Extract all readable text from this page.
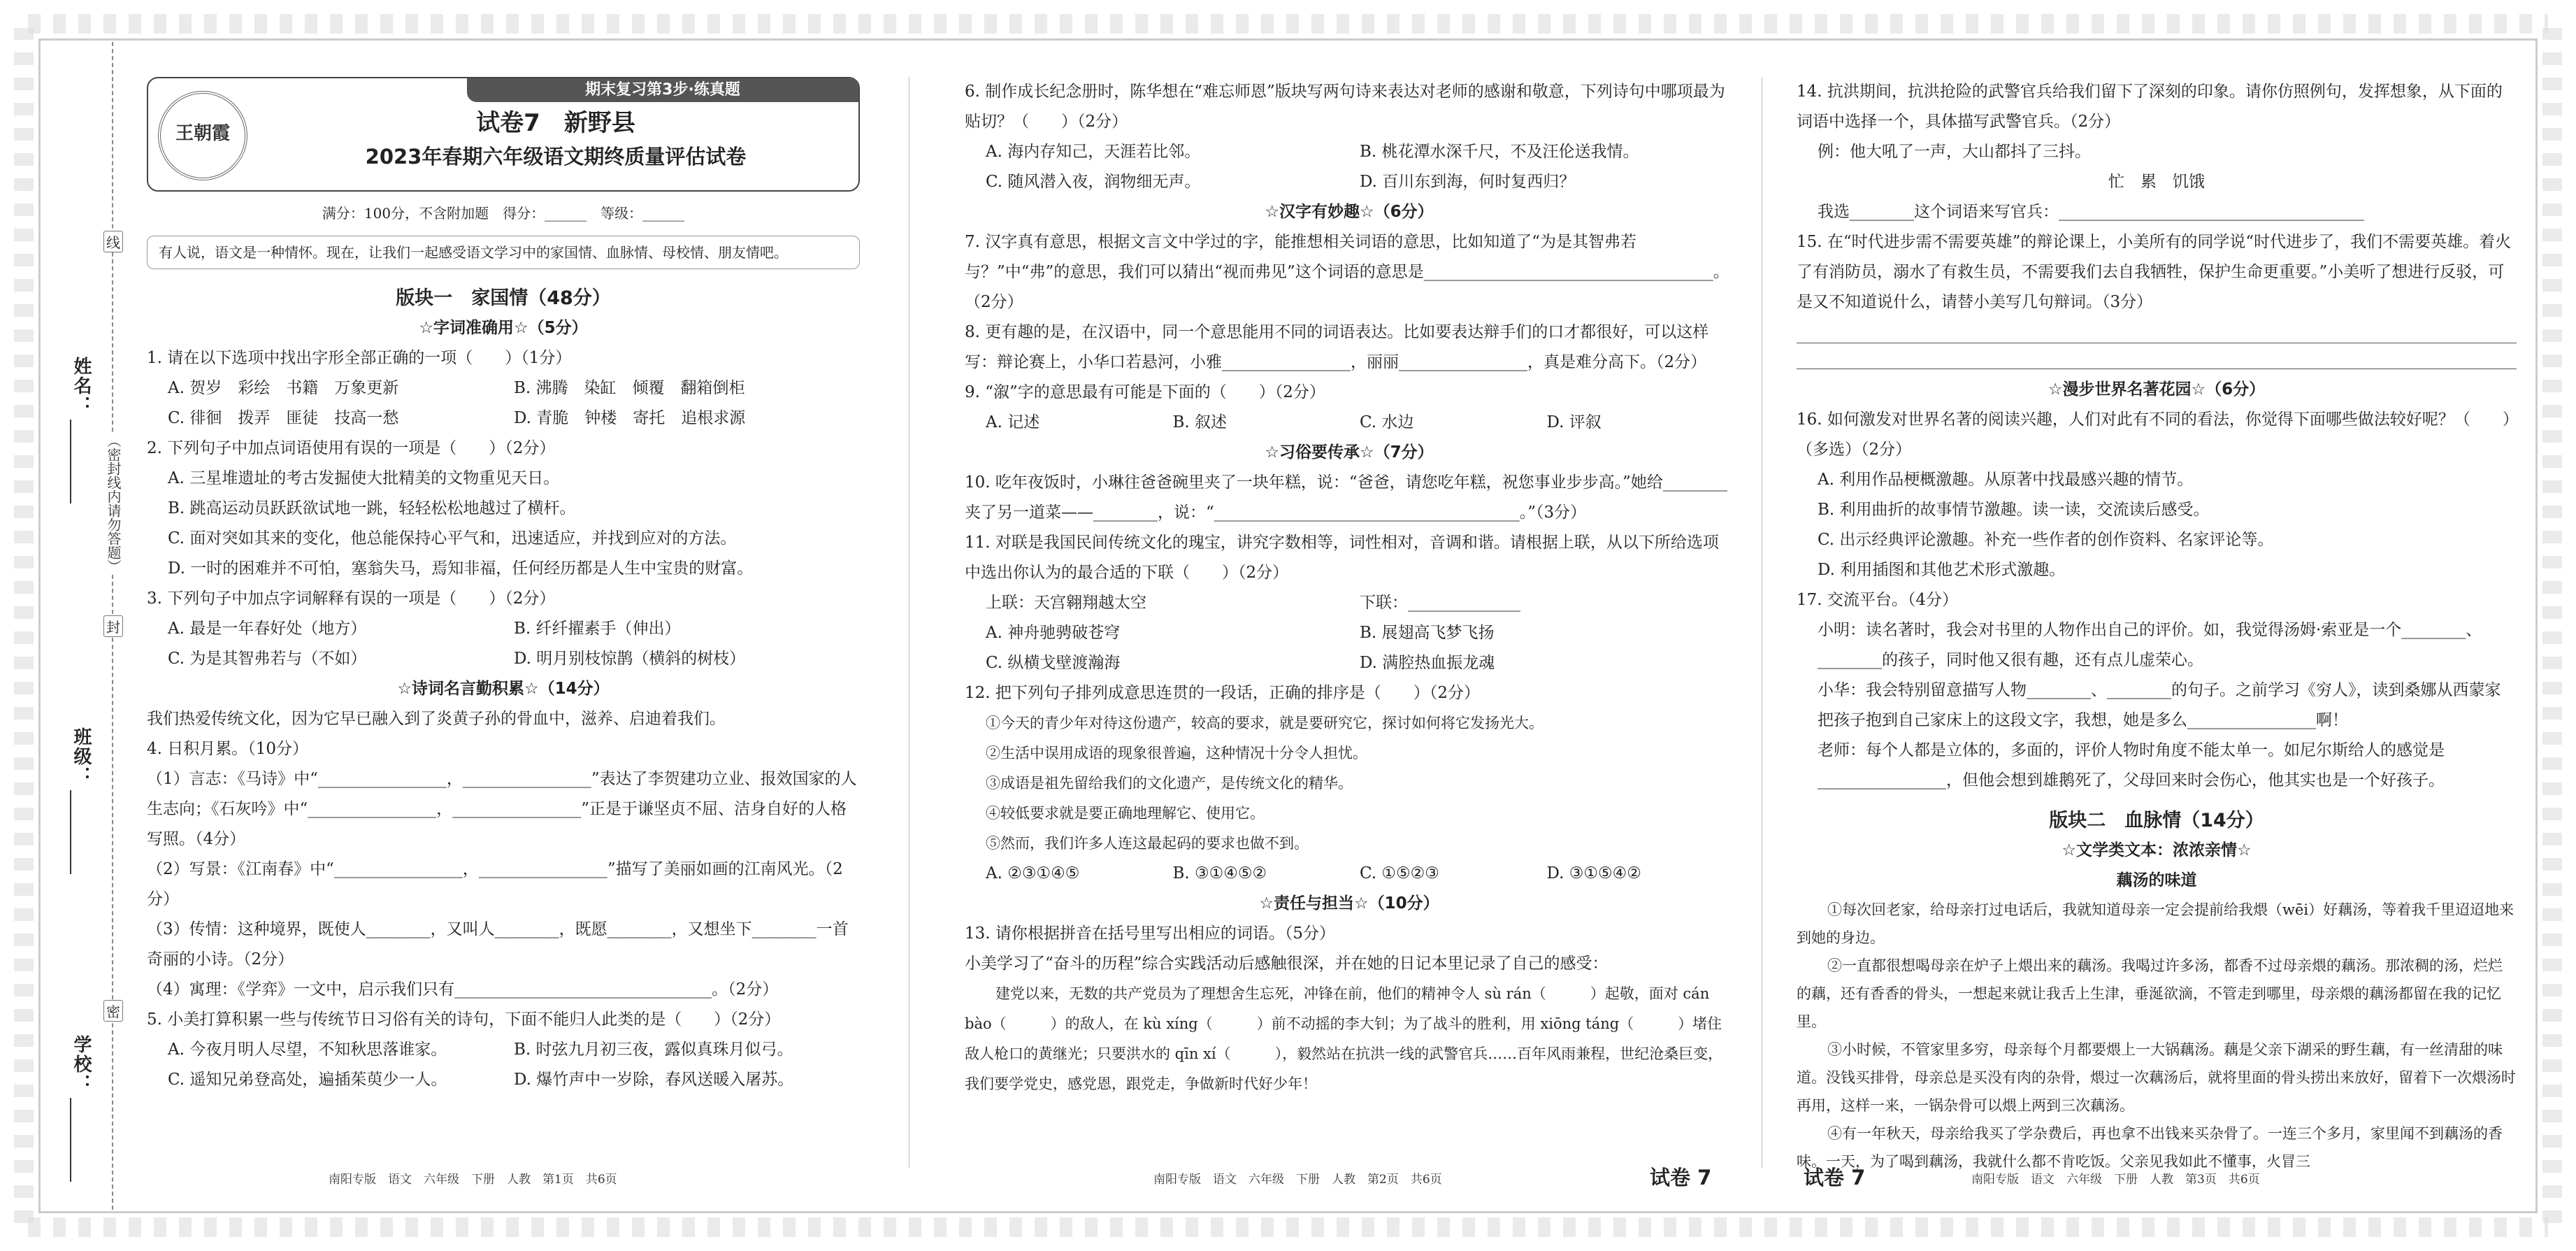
姓名：
班级：
学校：
（密封线内请勿答题）
线
封
密
期末复习第3步·练真题
王朝霞	试卷7　新野县
2023年春期六年级语文期终质量评估试卷
满分：100分，不含附加题　得分：______　等级：______
有人说，语文是一种情怀。现在，让我们一起感受语文学习中的家国情、血脉情、母校情、朋友情吧。
版块一　家国情（48分）
☆字词准确用☆（5分）
1. 请在以下选项中找出字形全部正确的一项（　　）（1分）
A. 贺岁　彩绘　书籍　万象更新	B. 沸腾　染缸　倾覆　翻箱倒柜
C. 徘徊　拨弄　匪徒　技高一愁	D. 青脆　钟楼　寄托　追根求源
2. 下列句子中加点词语使用有误的一项是（　　）（2分）
A. 三星堆遗址的考古发掘使大批精美的文物重见天日。
B. 跳高运动员跃跃欲试地一跳，轻轻松松地越过了横杆。
C. 面对突如其来的变化，他总能保持心平气和，迅速适应，并找到应对的方法。
D. 一时的困难并不可怕，塞翁失马，焉知非福，任何经历都是人生中宝贵的财富。
3. 下列句子中加点字词解释有误的一项是（　　）（2分）
A. 最是一年春好处（地方）	B. 纤纤擢素手（伸出）
C. 为是其智弗若与（不如）	D. 明月别枝惊鹊（横斜的树枝）
☆诗词名言勤积累☆（14分）
我们热爱传统文化，因为它早已融入到了炎黄子孙的骨血中，滋养、启迪着我们。
4. 日积月累。（10分）
（1）言志：《马诗》中“________________，________________”表达了李贺建功立业、报效国家的人生志向；《石灰吟》中“________________，________________”正是于谦坚贞不屈、洁身自好的人格写照。（4分）
（2）写景：《江南春》中“________________，________________”描写了美丽如画的江南风光。（2分）
（3）传情：这种境界，既使人________，又叫人________，既愿________，又想坐下________一首奇丽的小诗。（2分）
（4）寓理：《学弈》一文中，启示我们只有________________________________。（2分）
5. 小美打算积累一些与传统节日习俗有关的诗句，下面不能归人此类的是（　　）（2分）
A. 今夜月明人尽望，不知秋思落谁家。	B. 时弦九月初三夜，露似真珠月似弓。
C. 遥知兄弟登高处，遍插茱萸少一人。	D. 爆竹声中一岁除，春风送暖入屠苏。
6. 制作成长纪念册时，陈华想在“难忘师恩”版块写两句诗来表达对老师的感谢和敬意，下列诗句中哪项最为贴切？（　　）（2分）
A. 海内存知己，天涯若比邻。	B. 桃花潭水深千尺，不及汪伦送我情。
C. 随风潜入夜，润物细无声。	D. 百川东到海，何时复西归？
☆汉字有妙趣☆（6分）
7. 汉字真有意思，根据文言文中学过的字，能推想相关词语的意思，比如知道了“为是其智弗若与？”中“弗”的意思，我们可以猜出“视而弗见”这个词语的意思是____________________________________。（2分）
8. 更有趣的是，在汉语中，同一个意思能用不同的词语表达。比如要表达辩手们的口才都很好，可以这样写：辩论赛上，小华口若悬河，小雅________________，丽丽________________，真是难分高下。（2分）
9. “溆”字的意思最有可能是下面的（　　）（2分）
A. 记述	B. 叙述	C. 水边	D. 评叙
☆习俗要传承☆（7分）
10. 吃年夜饭时，小琳往爸爸碗里夹了一块年糕，说：“爸爸，请您吃年糕，祝您事业步步高。”她给________夹了另一道菜——________，说：“______________________________________。”（3分）
11. 对联是我国民间传统文化的瑰宝，讲究字数相等，词性相对，音调和谐。请根据上联，从以下所给选项中选出你认为的最合适的下联（　　）（2分）
上联：天宫翱翔越太空	下联：______________
A. 神舟驰骋破苍穹	B. 展翅高飞梦飞扬
C. 纵横戈壁渡瀚海	D. 满腔热血振龙魂
12. 把下列句子排列成意思连贯的一段话，正确的排序是（　　）（2分）
①今天的青少年对待这份遗产，较高的要求，就是要研究它，探讨如何将它发扬光大。
②生活中误用成语的现象很普遍，这种情况十分令人担忧。
③成语是祖先留给我们的文化遗产，是传统文化的精华。
④较低要求就是要正确地理解它、使用它。
⑤然而，我们许多人连这最起码的要求也做不到。
A. ②③①④⑤	B. ③①④⑤②	C. ①⑤②③	D. ③①⑤④②
☆责任与担当☆（10分）
13. 请你根据拼音在括号里写出相应的词语。（5分）
小美学习了“奋斗的历程”综合实践活动后感触很深，并在她的日记本里记录了自己的感受：
建党以来，无数的共产党员为了理想舍生忘死，冲锋在前，他们的精神令人 sù rán（　　　）起敬，面对 cán bào（　　　）的敌人，在 kù xíng（　　　）前不动摇的李大钊；为了战斗的胜利，用 xiōng táng（　　　）堵住敌人枪口的黄继光；只要洪水的 qīn xí（　　　），毅然站在抗洪一线的武警官兵……百年风雨兼程，世纪沧桑巨变，我们要学党史，感党恩，跟党走，争做新时代好少年！
14. 抗洪期间，抗洪抢险的武警官兵给我们留下了深刻的印象。请你仿照例句，发挥想象，从下面的词语中选择一个，具体描写武警官兵。（2分）
例：他大吼了一声，大山都抖了三抖。
忙　累　饥饿
我选________这个词语来写官兵：______________________________________
15. 在“时代进步需不需要英雄”的辩论课上，小美所有的同学说“时代进步了，我们不需要英雄。着火了有消防员，溺水了有救生员，不需要我们去自我牺牲，保护生命更重要。”小美听了想进行反驳，可是又不知道说什么，请替小美写几句辩词。（3分）
☆漫步世界名著花园☆（6分）
16. 如何激发对世界名著的阅读兴趣，人们对此有不同的看法，你觉得下面哪些做法较好呢？（　　）（多选）（2分）
A. 利用作品梗概激趣。从原著中找最感兴趣的情节。
B. 利用曲折的故事情节激趣。读一读，交流读后感受。
C. 出示经典评论激趣。补充一些作者的创作资料、名家评论等。
D. 利用插图和其他艺术形式激趣。
17. 交流平台。（4分）
小明：读名著时，我会对书里的人物作出自己的评价。如，我觉得汤姆·索亚是一个________、________的孩子，同时他又很有趣，还有点儿虚荣心。
小华：我会特别留意描写人物________、________的句子。之前学习《穷人》，读到桑娜从西蒙家把孩子抱到自己家床上的这段文字，我想，她是多么________________啊！
老师：每个人都是立体的，多面的，评价人物时角度不能太单一。如尼尔斯给人的感觉是________________，但他会想到雄鹅死了，父母回来时会伤心，他其实也是一个好孩子。
版块二　血脉情（14分）
☆文学类文本：浓浓亲情☆
藕汤的味道
①每次回老家，给母亲打过电话后，我就知道母亲一定会提前给我煨（wēi）好藕汤，等着我千里迢迢地来到她的身边。
②一直都很想喝母亲在炉子上煨出来的藕汤。我喝过许多汤，都香不过母亲煨的藕汤。那浓稠的汤，烂烂的藕，还有香香的骨头，一想起来就让我舌上生津，垂涎欲滴，不管走到哪里，母亲煨的藕汤都留在我的记忆里。
③小时候，不管家里多穷，母亲每个月都要煨上一大锅藕汤。藕是父亲下湖采的野生藕，有一丝清甜的味道。没钱买排骨，母亲总是买没有肉的杂骨，煨过一次藕汤后，就将里面的骨头捞出来放好，留着下一次煨汤时再用，这样一来，一锅杂骨可以煨上两到三次藕汤。
④有一年秋天，母亲给我买了学杂费后，再也拿不出钱来买杂骨了。一连三个多月，家里闻不到藕汤的香味。一天，为了喝到藕汤，我就什么都不肯吃饭。父亲见我如此不懂事，火冒三
南阳专版　语文　六年级　下册　人教　第1页　共6页	南阳专版　语文　六年级　下册　人教　第2页　共6页	试卷 7	试卷 7	南阳专版　语文　六年级　下册　人教　第3页　共6页
